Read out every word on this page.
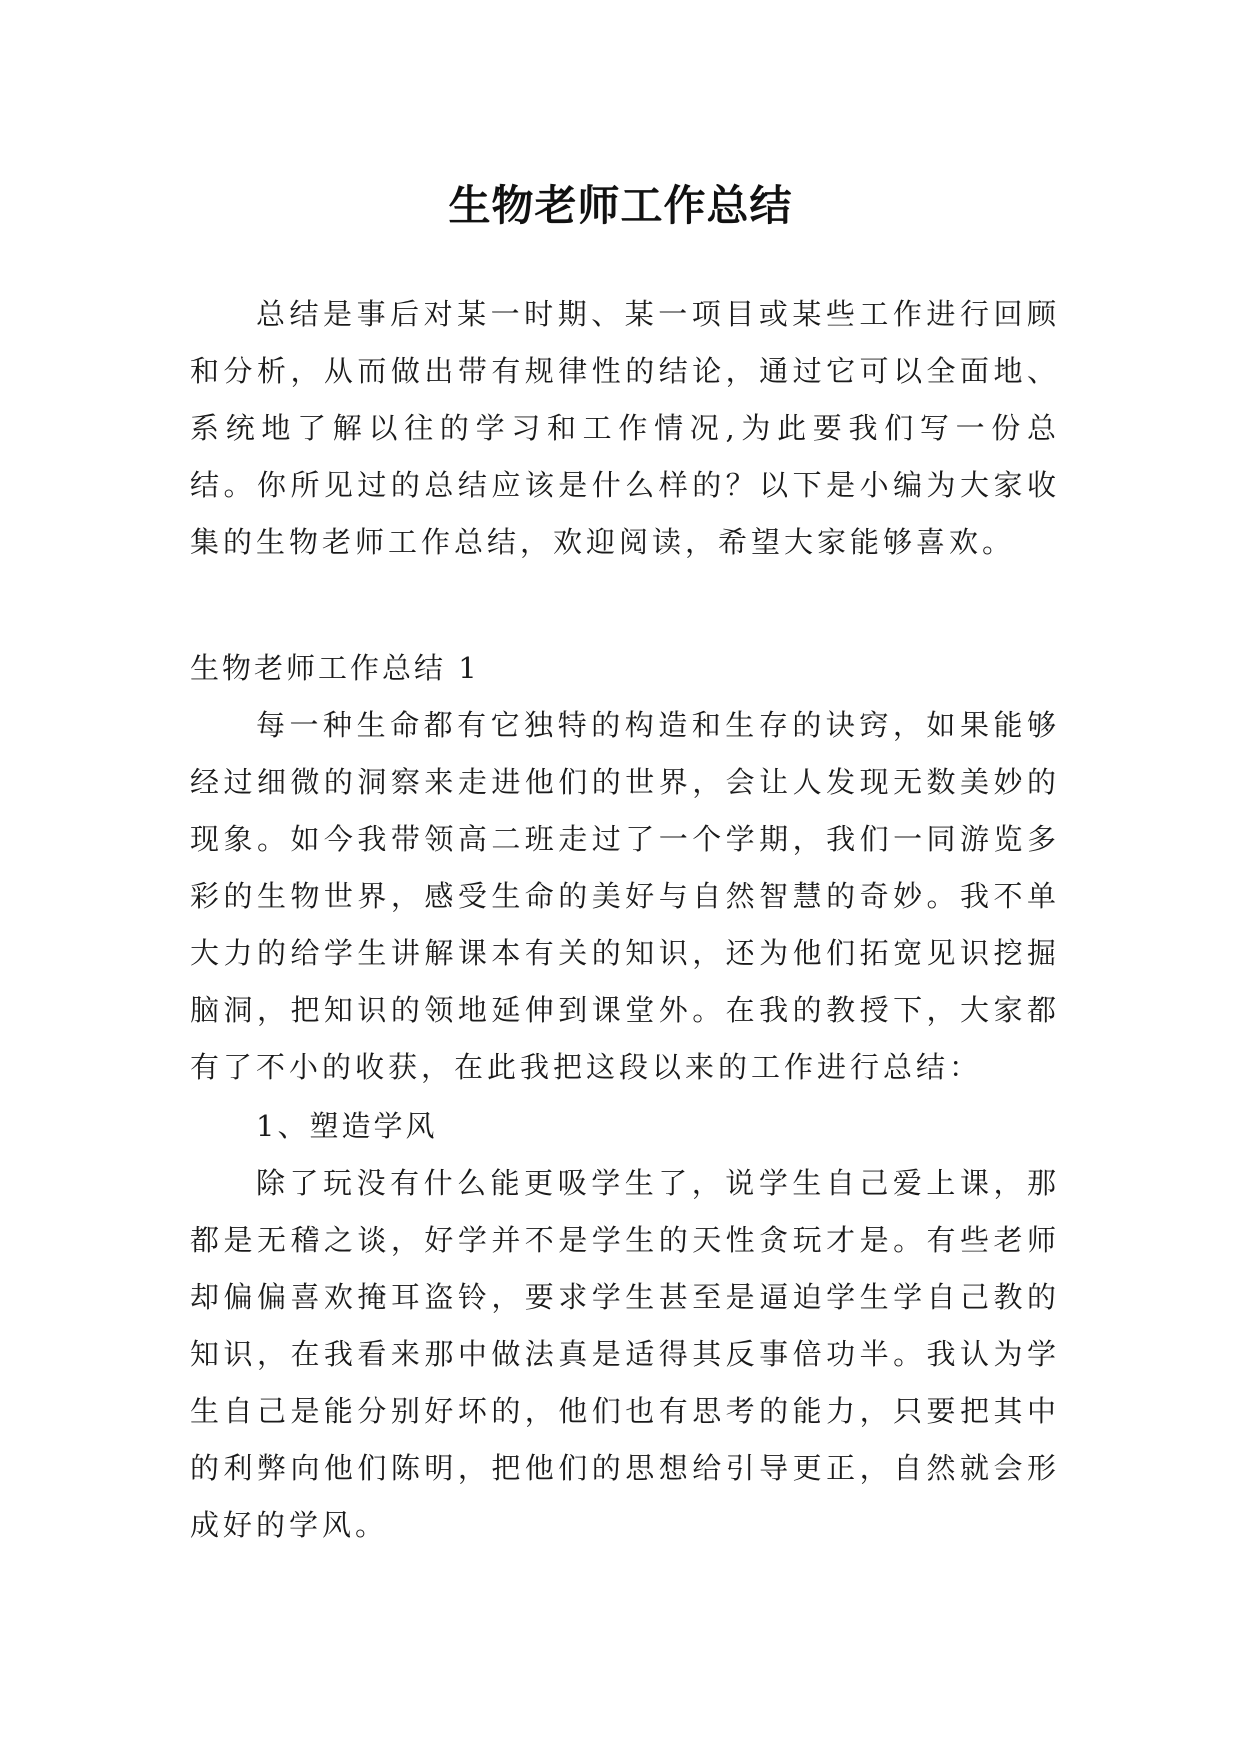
生物老师工作总结

总结是事后对某一时期、某一项目或某些工作进行回顾和分析，从而做出带有规律性的结论，通过它可以全面地、系统地了解以往的学习和工作情况,为此要我们写一份总结。你所见过的总结应该是什么样的？以下是小编为大家收集的生物老师工作总结，欢迎阅读，希望大家能够喜欢。

生物老师工作总结 1

每一种生命都有它独特的构造和生存的诀窍，如果能够经过细微的洞察来走进他们的世界，会让人发现无数美妙的现象。如今我带领高二班走过了一个学期，我们一同游览多彩的生物世界，感受生命的美好与自然智慧的奇妙。我不单大力的给学生讲解课本有关的知识，还为他们拓宽见识挖掘脑洞，把知识的领地延伸到课堂外。在我的教授下，大家都有了不小的收获，在此我把这段以来的工作进行总结：

1、塑造学风

除了玩没有什么能更吸学生了，说学生自己爱上课，那都是无稽之谈，好学并不是学生的天性贪玩才是。有些老师却偏偏喜欢掩耳盗铃，要求学生甚至是逼迫学生学自己教的知识，在我看来那中做法真是适得其反事倍功半。我认为学生自己是能分别好坏的，他们也有思考的能力，只要把其中的利弊向他们陈明，把他们的思想给引导更正，自然就会形成好的学风。
